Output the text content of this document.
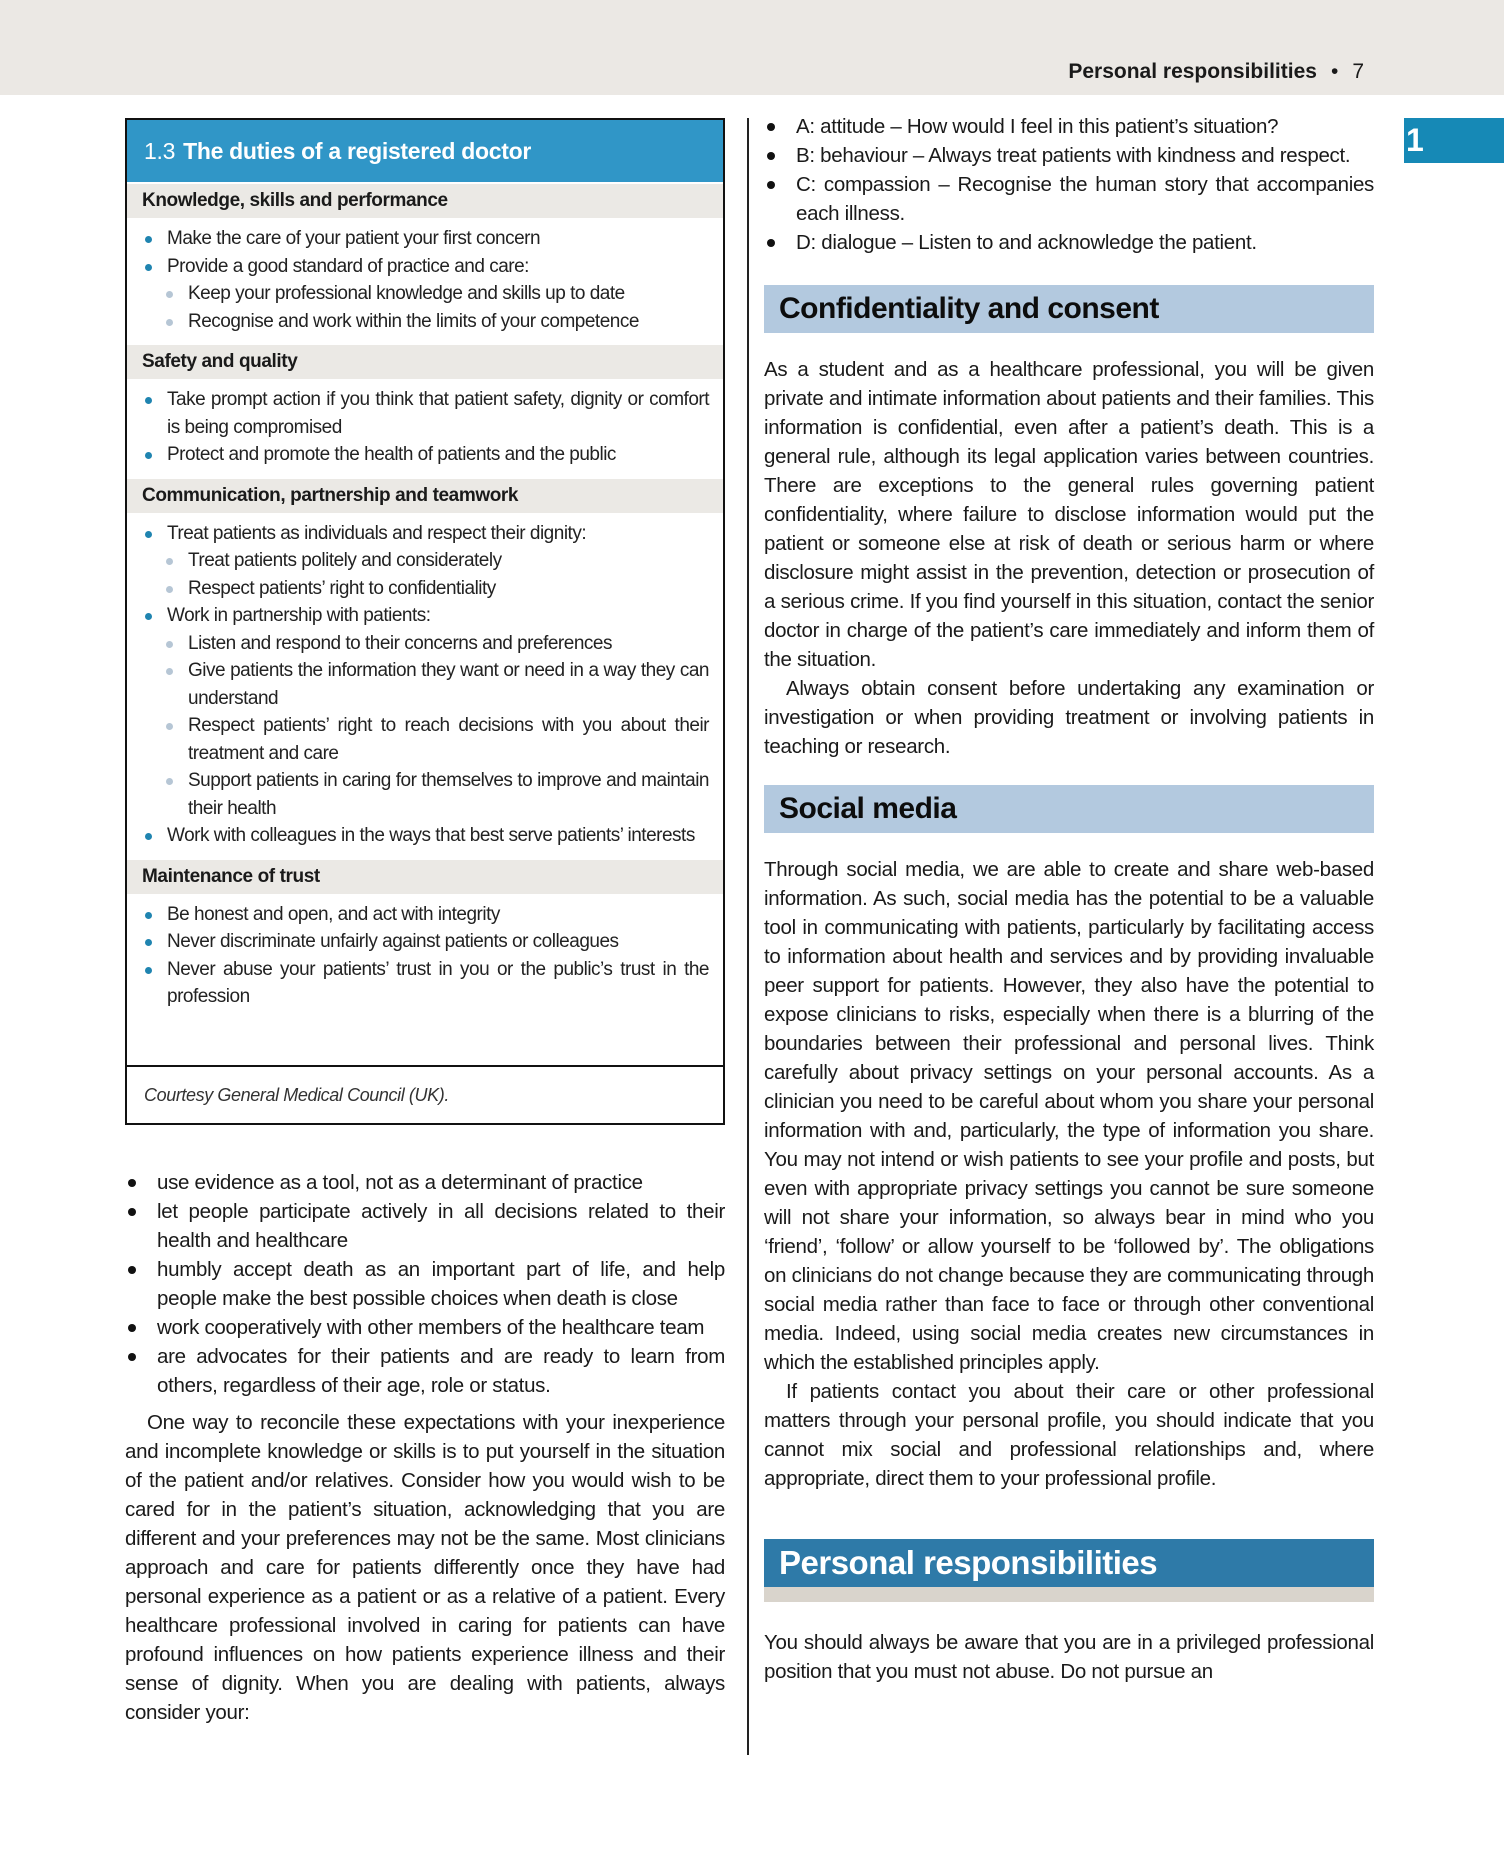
Personal responsibilities • 7
1
1.3 The duties of a registered doctor
Knowledge, skills and performance
Make the care of your patient your first concern
Provide a good standard of practice and care:
Keep your professional knowledge and skills up to date
Recognise and work within the limits of your competence
Safety and quality
Take prompt action if you think that patient safety, dignity or comfort is being compromised
Protect and promote the health of patients and the public
Communication, partnership and teamwork
Treat patients as individuals and respect their dignity:
Treat patients politely and considerately
Respect patients’ right to confidentiality
Work in partnership with patients:
Listen and respond to their concerns and preferences
Give patients the information they want or need in a way they can understand
Respect patients’ right to reach decisions with you about their treatment and care
Support patients in caring for themselves to improve and maintain their health
Work with colleagues in the ways that best serve patients’ interests
Maintenance of trust
Be honest and open, and act with integrity
Never discriminate unfairly against patients or colleagues
Never abuse your patients’ trust in you or the public’s trust in the profession
Courtesy General Medical Council (UK).
use evidence as a tool, not as a determinant of practice
let people participate actively in all decisions related to their health and healthcare
humbly accept death as an important part of life, and help people make the best possible choices when death is close
work cooperatively with other members of the healthcare team
are advocates for their patients and are ready to learn from others, regardless of their age, role or status.

One way to reconcile these expectations with your inexperience and incomplete knowledge or skills is to put yourself in the situation of the patient and/or relatives. Consider how you would wish to be cared for in the patient’s situation, acknowledging that you are different and your preferences may not be the same. Most clinicians approach and care for patients differently once they have had personal experience as a patient or as a relative of a patient. Every healthcare professional involved in caring for patients can have profound influences on how patients experience illness and their sense of dignity. When you are dealing with patients, always consider your:

A: attitude – How would I feel in this patient’s situation?
B: behaviour – Always treat patients with kindness and respect.
C: compassion – Recognise the human story that accompanies each illness.
D: dialogue – Listen to and acknowledge the patient.
Confidentiality and consent

As a student and as a healthcare professional, you will be given private and intimate information about patients and their families. This information is confidential, even after a patient’s death. This is a general rule, although its legal application varies between countries. There are exceptions to the general rules governing patient confidentiality, where failure to disclose information would put the patient or someone else at risk of death or serious harm or where disclosure might assist in the prevention, detection or prosecution of a serious crime. If you find yourself in this situation, contact the senior doctor in charge of the patient’s care immediately and inform them of the situation.

Always obtain consent before undertaking any examination or investigation or when providing treatment or involving patients in teaching or research.

Social media

Through social media, we are able to create and share web-based information. As such, social media has the potential to be a valuable tool in communicating with patients, particularly by facilitating access to information about health and services and by providing invaluable peer support for patients. However, they also have the potential to expose clinicians to risks, especially when there is a blurring of the boundaries between their professional and personal lives. Think carefully about privacy settings on your personal accounts. As a clinician you need to be careful about whom you share your personal information with and, particularly, the type of information you share. You may not intend or wish patients to see your profile and posts, but even with appropriate privacy settings you cannot be sure someone will not share your information, so always bear in mind who you ‘friend’, ‘follow’ or allow yourself to be ‘followed by’. The obligations on clinicians do not change because they are communicating through social media rather than face to face or through other conventional media. Indeed, using social media creates new circumstances in which the established principles apply.

If patients contact you about their care or other professional matters through your personal profile, you should indicate that you cannot mix social and professional relationships and, where appropriate, direct them to your professional profile.

Personal responsibilities

You should always be aware that you are in a privileged professional position that you must not abuse. Do not pursue an
